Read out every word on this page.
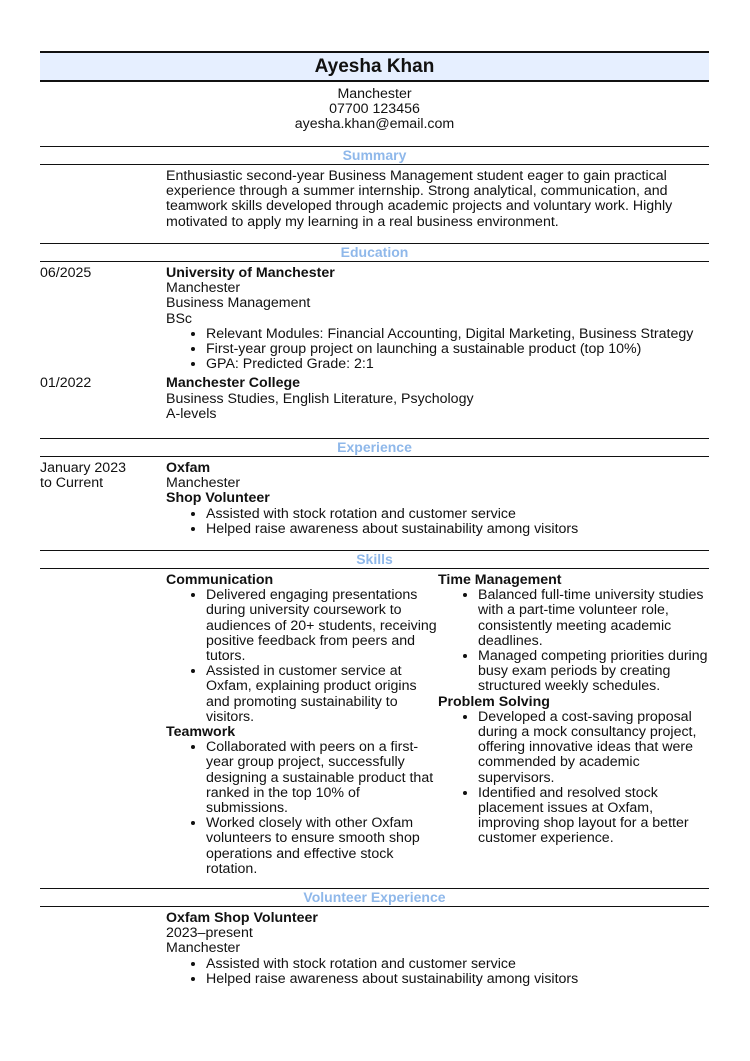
Ayesha Khan
Manchester
07700 123456
ayesha.khan@email.com
Summary
Enthusiastic second-year Business Management student eager to gain practical experience through a summer internship. Strong analytical, communication, and teamwork skills developed through academic projects and voluntary work. Highly motivated to apply my learning in a real business environment.
Education
06/2025	University of Manchester
Manchester
Business Management
BSc
• Relevant Modules: Financial Accounting, Digital Marketing, Business Strategy
• First-year group project on launching a sustainable product (top 10%)
• GPA: Predicted Grade: 2:1
01/2022	Manchester College
Business Studies, English Literature, Psychology
A-levels
Experience
January 2023 to Current
Oxfam
Manchester
Shop Volunteer
• Assisted with stock rotation and customer service
• Helped raise awareness about sustainability among visitors
Skills
Communication
• Delivered engaging presentations during university coursework to audiences of 20+ students, receiving positive feedback from peers and tutors.
• Assisted in customer service at Oxfam, explaining product origins and promoting sustainability to visitors.
Teamwork
• Collaborated with peers on a first-year group project, successfully designing a sustainable product that ranked in the top 10% of submissions.
• Worked closely with other Oxfam volunteers to ensure smooth shop operations and effective stock rotation.
Time Management
• Balanced full-time university studies with a part-time volunteer role, consistently meeting academic deadlines.
• Managed competing priorities during busy exam periods by creating structured weekly schedules.
Problem Solving
• Developed a cost-saving proposal during a mock consultancy project, offering innovative ideas that were commended by academic supervisors.
• Identified and resolved stock placement issues at Oxfam, improving shop layout for a better customer experience.
Volunteer Experience
Oxfam Shop Volunteer
2023–present
Manchester
• Assisted with stock rotation and customer service
• Helped raise awareness about sustainability among visitors
